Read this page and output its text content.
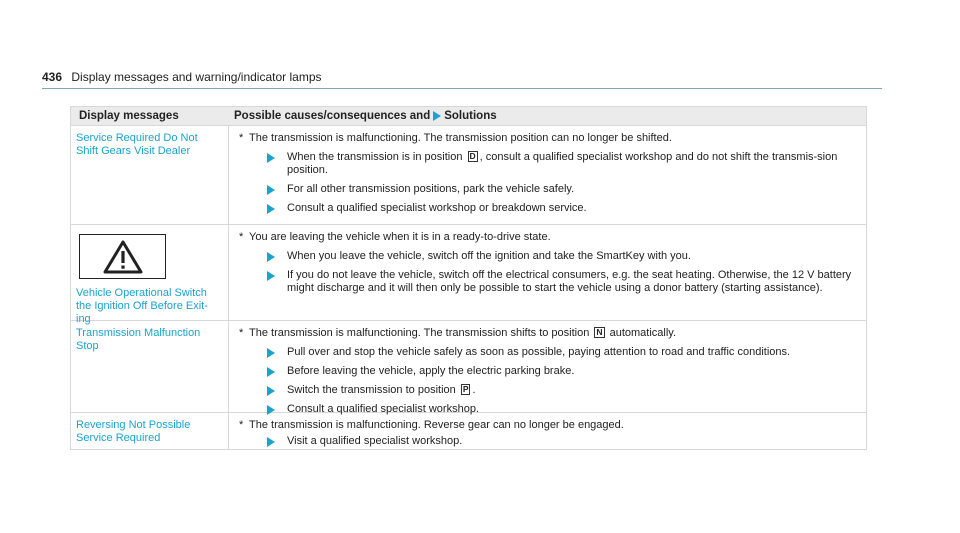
436 Display messages and warning/indicator lamps
Display messages	Possible causes/consequences and Solutions
Service Required Do Not
Shift Gears Visit Dealer
* The transmission is malfunctioning. The transmission position can no longer be shifted.
When the transmission is in position D , consult a qualified specialist workshop and do not shift the transmis-sion position.
For all other transmission positions, park the vehicle safely.
Consult a qualified specialist workshop or breakdown service.
Vehicle Operational Switch
the Ignition Off Before Exit-
ing
* You are leaving the vehicle when it is in a ready-to-drive state.
When you leave the vehicle, switch off the ignition and take the SmartKey with you.
If you do not leave the vehicle, switch off the electrical consumers, e.g. the seat heating. Otherwise, the 12 V battery might discharge and it will then only be possible to start the vehicle using a donor battery (starting assistance).
Transmission Malfunction
Stop
* The transmission is malfunctioning. The transmission shifts to position N automatically.
Pull over and stop the vehicle safely as soon as possible, paying attention to road and traffic conditions.
Before leaving the vehicle, apply the electric parking brake.
Switch the transmission to position P .
Consult a qualified specialist workshop.
Reversing Not Possible
Service Required
* The transmission is malfunctioning. Reverse gear can no longer be engaged.
Visit a qualified specialist workshop.
